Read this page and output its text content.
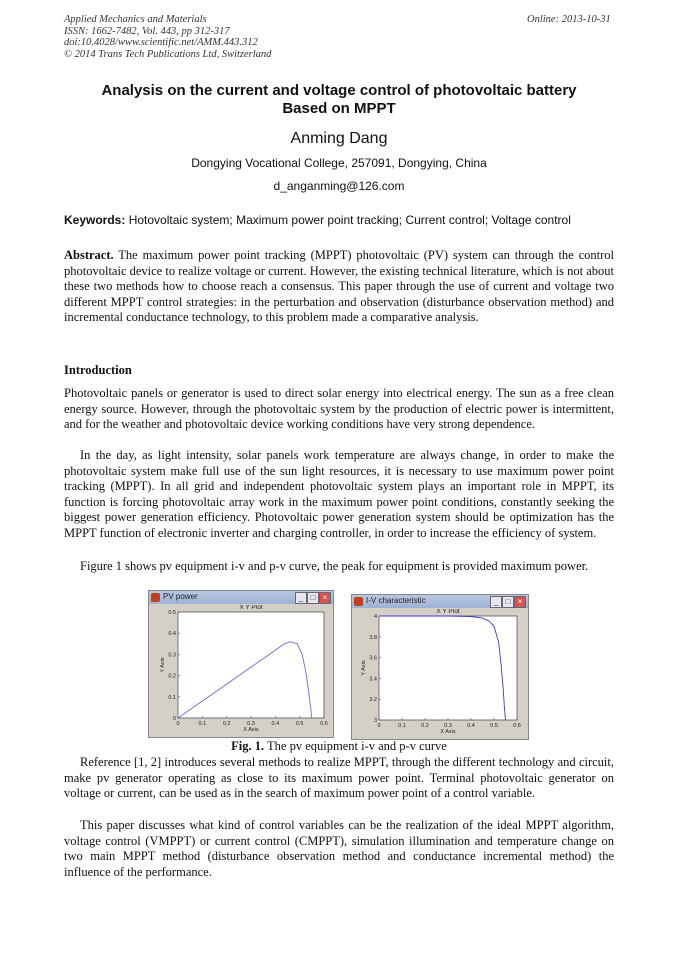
Applied Mechanics and Materials
ISSN: 1662-7482, Vol. 443, pp 312-317
doi:10.4028/www.scientific.net/AMM.443.312
© 2014 Trans Tech Publications Ltd, Switzerland
Online: 2013-10-31
Analysis on the current and voltage control of photovoltaic battery
Based on MPPT
Anming Dang
Dongying Vocational College, 257091, Dongying, China
d_anganming@126.com
Keywords: Hotovoltaic system; Maximum power point tracking; Current control; Voltage control
Abstract. The maximum power point tracking (MPPT) photovoltaic (PV) system can through the control photovoltaic device to realize voltage or current. However, the existing technical literature, which is not about these two methods how to choose reach a consensus. This paper through the use of current and voltage two different MPPT control strategies: in the perturbation and observation (disturbance observation method) and incremental conductance technology, to this problem made a comparative analysis.
Introduction
Photovoltaic panels or generator is used to direct solar energy into electrical energy. The sun as a free clean energy source. However, through the photovoltaic system by the production of electric power is intermittent, and for the weather and photovoltaic device working conditions have very strong dependence.
In the day, as light intensity, solar panels work temperature are always change, in order to make the photovoltaic system make full use of the sun light resources, it is necessary to use maximum power point tracking (MPPT). In all grid and independent photovoltaic system plays an important role in MPPT, its function is forcing photovoltaic array work in the maximum power point conditions, constantly seeking the biggest power generation efficiency. Photovoltaic power generation system should be optimization has the MPPT function of electronic inverter and charging controller, in order to increase the efficiency of system.
Figure 1 shows pv equipment i-v and p-v curve, the peak for equipment is provided maximum power.
PV power	_ □ ×
X Y Plot
0	0.1	0.2	0.3	0.4	0.5	0.6
0
0.1
0.2
0.3
0.4
0.5
X Axis
Y Axis
I-V characteristic	_ □ ×
X Y Plot
0	0.1	0.2	0.3	0.4	0.5	0.6
3
3.2
3.4
3.6
3.8
4
X Axis
Y Axis
Fig. 1. The pv equipment i-v and p-v curve
Reference [1, 2] introduces several methods to realize MPPT, through the different technology and circuit, make pv generator operating as close to its maximum power point. Terminal photovoltaic generator on voltage or current, can be used as in the search of maximum power point of a control variable.
This paper discusses what kind of control variables can be the realization of the ideal MPPT algorithm, voltage control (VMPPT) or current control (CMPPT), simulation illumination and temperature change on two main MPPT method (disturbance observation method and conductance incremental method) the influence of the performance.
